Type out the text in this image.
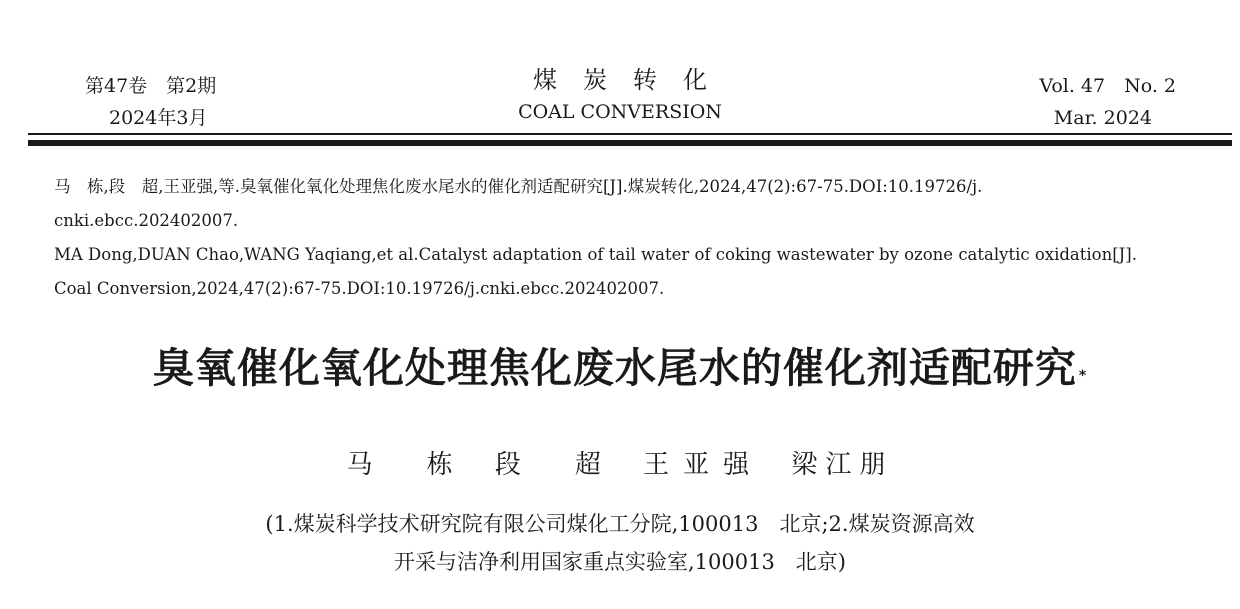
第47卷　第2期
2024年3月
煤炭转化
COAL CONVERSION
Vol. 47　No. 2
Mar. 2024

马　栋,段　超,王亚强,等.臭氧催化氧化处理焦化废水尾水的催化剂适配研究[J].煤炭转化,2024,47(2):67-75.DOI:10.19726/j.

cnki.ebcc.202402007.

MA Dong,DUAN Chao,WANG Yaqiang,et al.Catalyst adaptation of tail water of coking wastewater by ozone catalytic oxidation[J].

Coal Conversion,2024,47(2):67-75.DOI:10.19726/j.cnki.ebcc.202402007.

臭氧催化氧化处理焦化废水尾水的催化剂适配研究 *
马　栋 段　超 王亚强 梁江朋

(1.煤炭科学技术研究院有限公司煤化工分院,100013　北京;2.煤炭资源高效

开采与洁净利用国家重点实验室,100013　北京)
